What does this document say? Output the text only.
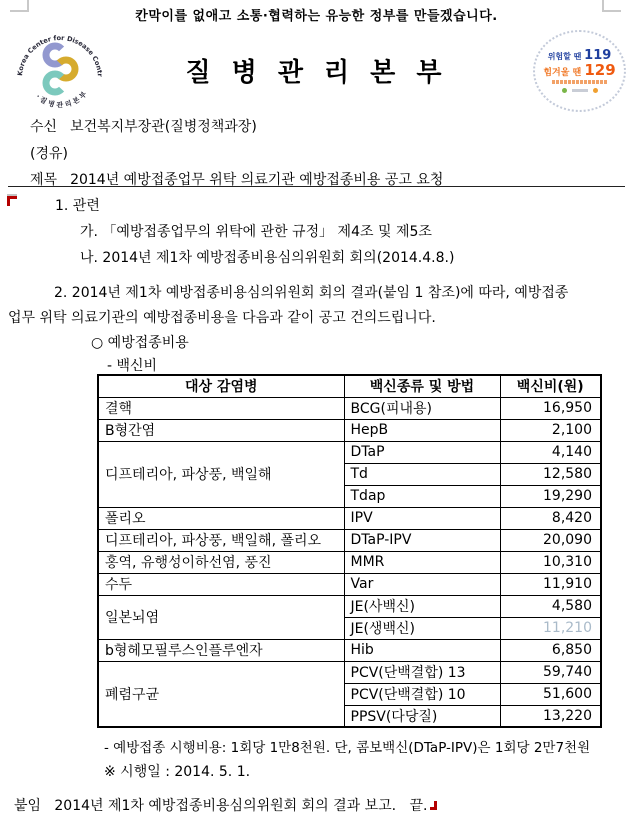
칸막이를 없애고 소통·협력하는 유능한 정부를 만들겠습니다.
Korea Center for Disease Contr
· 질 병 관 리 본 부
질 병 관 리 본 부
위험할 땐 119
힘겨울 땐 129
수신 보건복지부장관(질병정책과장)
(경유)
제목 2014년 예방접종업무 위탁 의료기관 예방접종비용 공고 요청
1. 관련
가. 「예방접종업무의 위탁에 관한 규정」 제4조 및 제5조
나. 2014년 제1차 예방접종비용심의위원회 회의(2014.4.8.)
2. 2014년 제1차 예방접종비용심의위원회 회의 결과(붙임 1 참조)에 따라, 예방접종
업무 위탁 의료기관의 예방접종비용을 다음과 같이 공고 건의드립니다.
○ 예방접종비용
- 백신비
대상 감염병	백신종류 및 방법	백신비(원)
결핵	BCG(피내용)	16,950
B형간염	HepB	2,100
디프테리아, 파상풍, 백일해	DTaP	4,140
	Td	12,580
	Tdap	19,290
폴리오	IPV	8,420
디프테리아, 파상풍, 백일해, 폴리오	DTaP-IPV	20,090
홍역, 유행성이하선염, 풍진	MMR	10,310
수두	Var	11,910
일본뇌염	JE(사백신)	4,580
	JE(생백신)	11,210
b형헤모필루스인플루엔자	Hib	6,850
폐렴구균	PCV(단백결합) 13	59,740
	PCV(단백결합) 10	51,600
	PPSV(다당질)	13,220
- 예방접종 시행비용: 1회당 1만8천원. 단, 콤보백신(DTaP-IPV)은 1회당 2만7천원
※ 시행일 : 2014. 5. 1.
붙임   2014년 제1차 예방접종비용심의위원회 회의 결과 보고.   끝.
